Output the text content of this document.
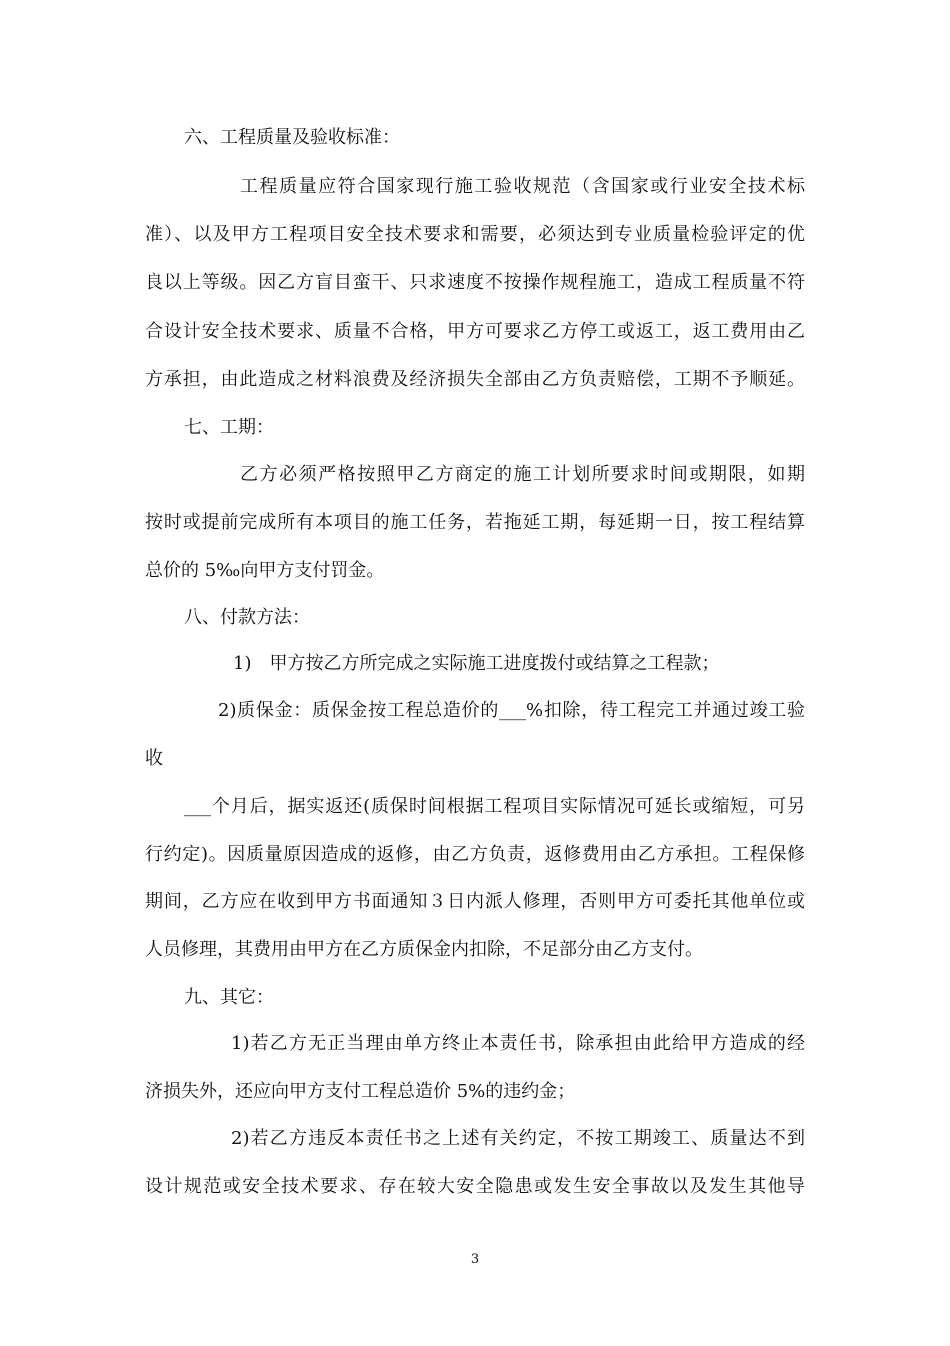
六、工程质量及验收标准：
工程质量应符合国家现行施工验收规范（含国家或行业安全技术标
准）、以及甲方工程项目安全技术要求和需要，必须达到专业质量检验评定的优
良以上等级。因乙方盲目蛮干、只求速度不按操作规程施工，造成工程质量不符
合设计安全技术要求、质量不合格，甲方可要求乙方停工或返工，返工费用由乙
方承担，由此造成之材料浪费及经济损失全部由乙方负责赔偿，工期不予顺延。
七、工期：
乙方必须严格按照甲乙方商定的施工计划所要求时间或期限，如期
按时或提前完成所有本项目的施工任务，若拖延工期，每延期一日，按工程结算
总价的 5‰向甲方支付罚金。
八、付款方法：
1)　甲方按乙方所完成之实际施工进度拨付或结算之工程款；
2)质保金：质保金按工程总造价的___%扣除，待工程完工并通过竣工验
收
___个月后，据实返还(质保时间根据工程项目实际情况可延长或缩短，可另
行约定)。因质量原因造成的返修，由乙方负责，返修费用由乙方承担。工程保修
期间，乙方应在收到甲方书面通知３日内派人修理，否则甲方可委托其他单位或
人员修理，其费用由甲方在乙方质保金内扣除，不足部分由乙方支付。
九、其它：
1)若乙方无正当理由单方终止本责任书，除承担由此给甲方造成的经
济损失外，还应向甲方支付工程总造价 5%的违约金；
2)若乙方违反本责任书之上述有关约定，不按工期竣工、质量达不到
设计规范或安全技术要求、存在较大安全隐患或发生安全事故以及发生其他导
3
